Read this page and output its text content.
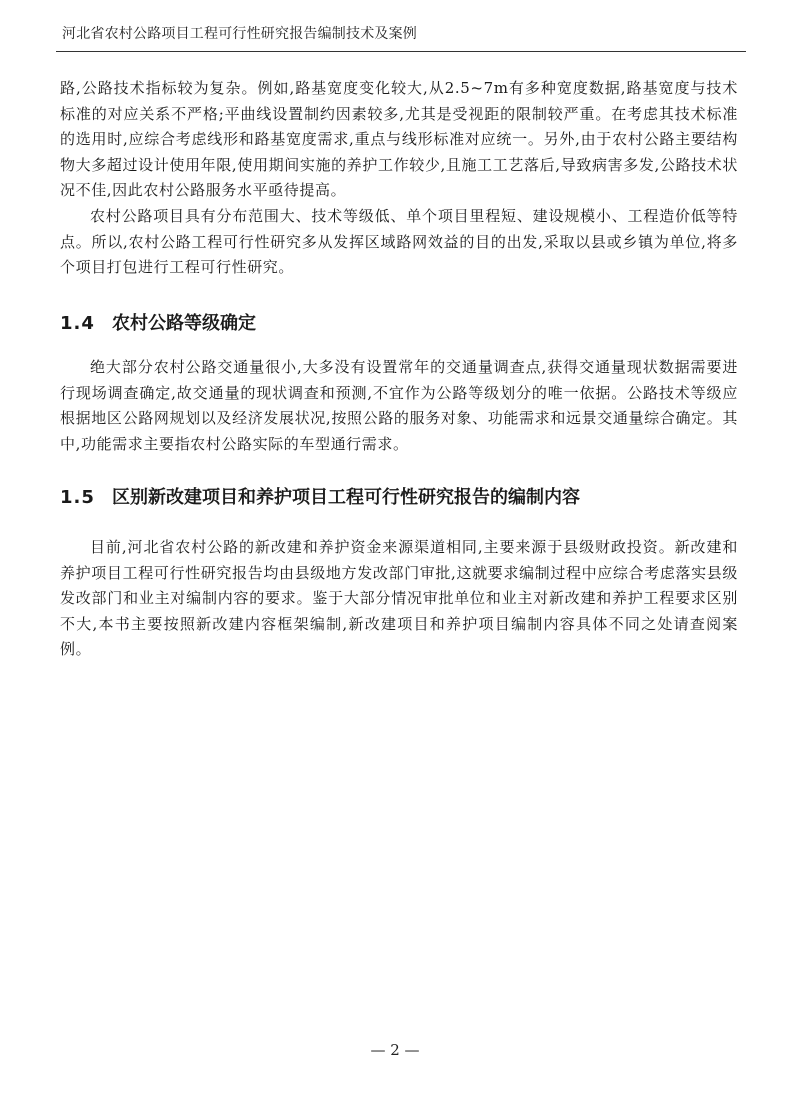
河北省农村公路项目工程可行性研究报告编制技术及案例

路,公路技术指标较为复杂。例如,路基宽度变化较大,从2.5~7m有多种宽度数据,路基宽度与技术标准的对应关系不严格;平曲线设置制约因素较多,尤其是受视距的限制较严重。在考虑其技术标准的选用时,应综合考虑线形和路基宽度需求,重点与线形标准对应统一。另外,由于农村公路主要结构物大多超过设计使用年限,使用期间实施的养护工作较少,且施工工艺落后,导致病害多发,公路技术状况不佳,因此农村公路服务水平亟待提高。

农村公路项目具有分布范围大、技术等级低、单个项目里程短、建设规模小、工程造价低等特点。所以,农村公路工程可行性研究多从发挥区域路网效益的目的出发,采取以县或乡镇为单位,将多个项目打包进行工程可行性研究。

1.4 农村公路等级确定

绝大部分农村公路交通量很小,大多没有设置常年的交通量调查点,获得交通量现状数据需要进行现场调查确定,故交通量的现状调查和预测,不宜作为公路等级划分的唯一依据。公路技术等级应根据地区公路网规划以及经济发展状况,按照公路的服务对象、功能需求和远景交通量综合确定。其中,功能需求主要指农村公路实际的车型通行需求。

1.5 区别新改建项目和养护项目工程可行性研究报告的编制内容

目前,河北省农村公路的新改建和养护资金来源渠道相同,主要来源于县级财政投资。新改建和养护项目工程可行性研究报告均由县级地方发改部门审批,这就要求编制过程中应综合考虑落实县级发改部门和业主对编制内容的要求。鉴于大部分情况审批单位和业主对新改建和养护工程要求区别不大,本书主要按照新改建内容框架编制,新改建项目和养护项目编制内容具体不同之处请查阅案例。

— 2 —
